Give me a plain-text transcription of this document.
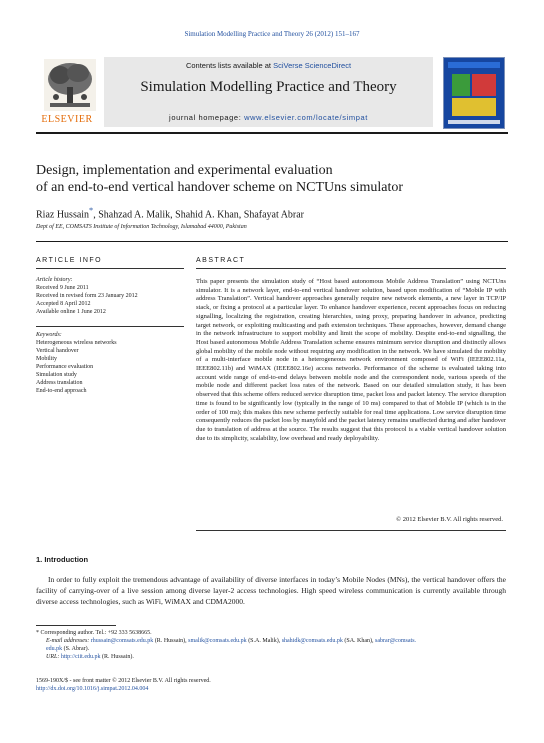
Simulation Modelling Practice and Theory 26 (2012) 151–167
ELSEVIER
Contents lists available at SciVerse ScienceDirect
Simulation Modelling Practice and Theory
journal homepage: www.elsevier.com/locate/simpat
Design, implementation and experimental evaluation
of an end-to-end vertical handover scheme on NCTUns simulator
Riaz Hussain*, Shahzad A. Malik, Shahid A. Khan, Shafayat Abrar
Dept of EE, COMSATS Institute of Information Technology, Islamabad 44000, Pakistan
ARTICLE INFO	ABSTRACT
Article history:
Received 9 June 2011
Received in revised form 23 January 2012
Accepted 8 April 2012
Available online 1 June 2012
Keywords:
Heterogeneous wireless networks
Vertical handover
Mobility
Performance evaluation
Simulation study
Address translation
End-to-end approach
This paper presents the simulation study of “Host based autonomous Mobile Address Translation” using NCTUns simulator. It is a network layer, end-to-end vertical handover solution, based upon modification of “Mobile IP with address Translation”. Vertical handover approaches generally require new network elements, a new layer in TCP/IP stack, or fixing a protocol at a particular layer. To enhance handover experience, recent approaches focus on reducing signalling, localizing the registration, creating hierarchies, using proxy, preparing handover in advance, predicting target network, or exploiting multicasting and path extension techniques. These approaches, however, demand change in the network infrastructure to support mobility and limit the scope of mobility. Despite end-to-end signalling, the Host based autonomous Mobile Address Translation scheme ensures minimum service disruption and distinctly allows global mobility of the mobile node without requiring any modification in the network. We have simulated the mobility of a multi-interface mobile node in a heterogeneous network environment composed of WiFi (IEEE802.11a, IEEE802.11b) and WiMAX (IEEE802.16e) access networks. Performance of the scheme is evaluated taking into account wide range of end-to-end delays between mobile node and the correspondent node, various speeds of the mobile node and different packet loss rates of the network. Based on our detailed simulation study, it has been observed that this scheme offers reduced service disruption time, packet loss and packet latency. The service disruption time is found to be significantly low (typically in the range of 10 ms) compared to that of Mobile IP (which is in the order of 100 ms); this makes this new scheme perfectly suitable for real time applications. Low service disruption time consequently reduces the packet loss by manyfold and the packet latency remains unaffected during and after handover due to translation of address at the source. The results suggest that this protocol is a viable vertical handover solution due to its simplicity, scalability, low overhead and ready deployability.
© 2012 Elsevier B.V. All rights reserved.
1. Introduction
In order to fully exploit the tremendous advantage of availability of diverse interfaces in today’s Mobile Nodes (MNs), the vertical handover offers the facility of carrying-over of a live session among diverse layer-2 access technologies. High speed wireless communication is currently available through diverse access technologies, such as WiFi, WiMAX and CDMA2000.
* Corresponding author. Tel.: +92 333 5638665.
E-mail addresses: rhussain@comsats.edu.pk (R. Hussain), smalik@comsats.edu.pk (S.A. Malik), shahidk@comsats.edu.pk (SA. Khan), sabrar@comsats.
edu.pk (S. Abrar).
URL: http://ciit.edu.pk (R. Hussain).
1569-190X/$ - see front matter © 2012 Elsevier B.V. All rights reserved.
http://dx.doi.org/10.1016/j.simpat.2012.04.004
